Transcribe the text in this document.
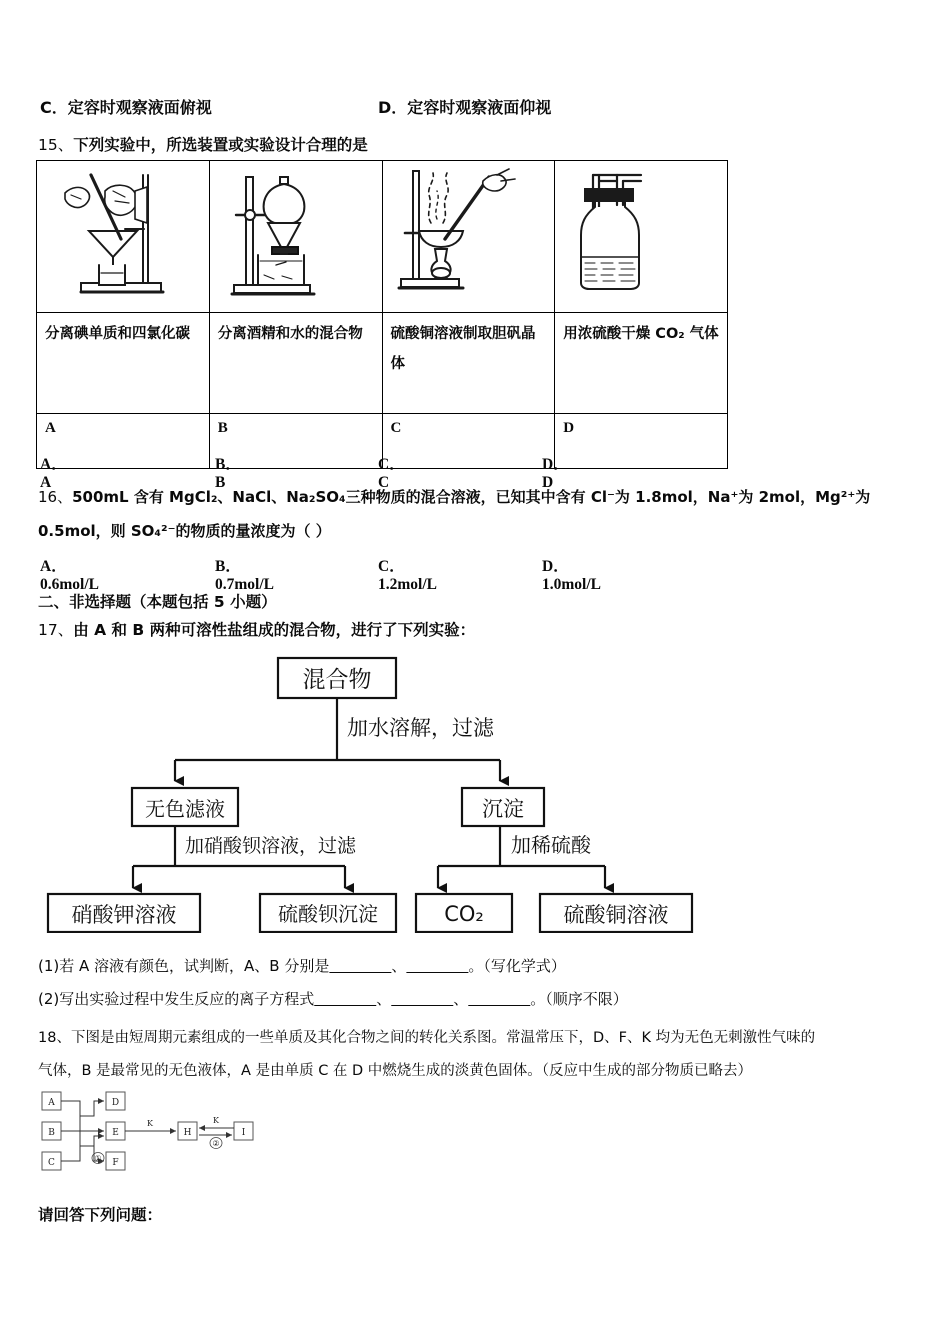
C．定容时观察液面俯视	D．定容时观察液面仰视
15、下列实验中，所选装置或实验设计合理的是

分离碘单质和四氯化碳	分离酒精和水的混合物	硫酸铜溶液制取胆矾晶体	用浓硫酸干燥 CO₂ 气体
A	B	C	D
A．A
B．B
C．C
D．D
16、500mL 含有 MgCl₂、NaCl、Na₂SO₄三种物质的混合溶液，已知其中含有 Cl⁻为 1.8mol，Na⁺为 2mol，Mg²⁺为
0.5mol，则 SO₄²⁻的物质的量浓度为（ ）
A．0.6mol/L
B．0.7mol/L
C．1.2mol/L
D．1.0mol/L
二、非选择题（本题包括 5 小题）
17、由 A 和 B 两种可溶性盐组成的混合物，进行了下列实验：
混合物
无色滤液	沉淀
硝酸钾溶液	硫酸钡沉淀	CO₂	硫酸铜溶液
加水溶解，过滤
加硝酸钡溶液，过滤	加稀硫酸
(1)若 A 溶液有颜色，试判断，A、B 分别是	、	。（写化学式）
(2)写出实验过程中发生反应的离子方程式	、	、	。（顺序不限）
18、下图是由短周期元素组成的一些单质及其化合物之间的转化关系图。常温常压下，D、F、K 均为无色无刺激性气味的
气体，B 是最常见的无色液体，A 是由单质 C 在 D 中燃烧生成的淡黄色固体。（反应中生成的部分物质已略去）
A
B
C
D
E
F
H	I
K	K
①
②
请回答下列问题：
